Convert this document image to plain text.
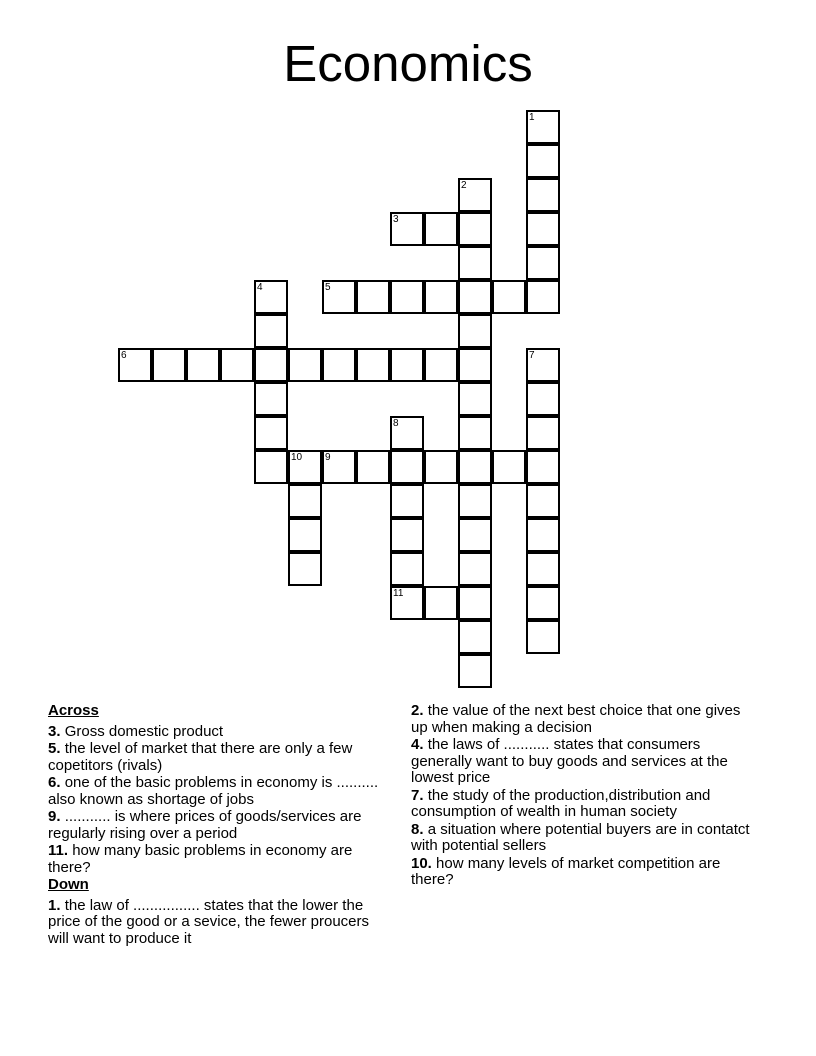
Economics
1
2
3
4	5
6	7
8
9
10
11

Across

3. Gross domestic product

5. the level of market that there are only a few copetitors (rivals)

6. one of the basic problems in economy is .......... also known as shortage of jobs

9. ........... is where prices of goods/services are regularly rising over a period

11. how many basic problems in economy are there?

Down

1. the law of ................ states that the lower the price of the good or a sevice, the fewer proucers will want to produce it

2. the value of the next best choice that one gives up when making a decision

4. the laws of ........... states that consumers generally want to buy goods and services at the lowest price

7. the study of the production,distribution and consumption of wealth in human society

8. a situation where potential buyers are in contatct with potential sellers

10. how many levels of market competition are there?
